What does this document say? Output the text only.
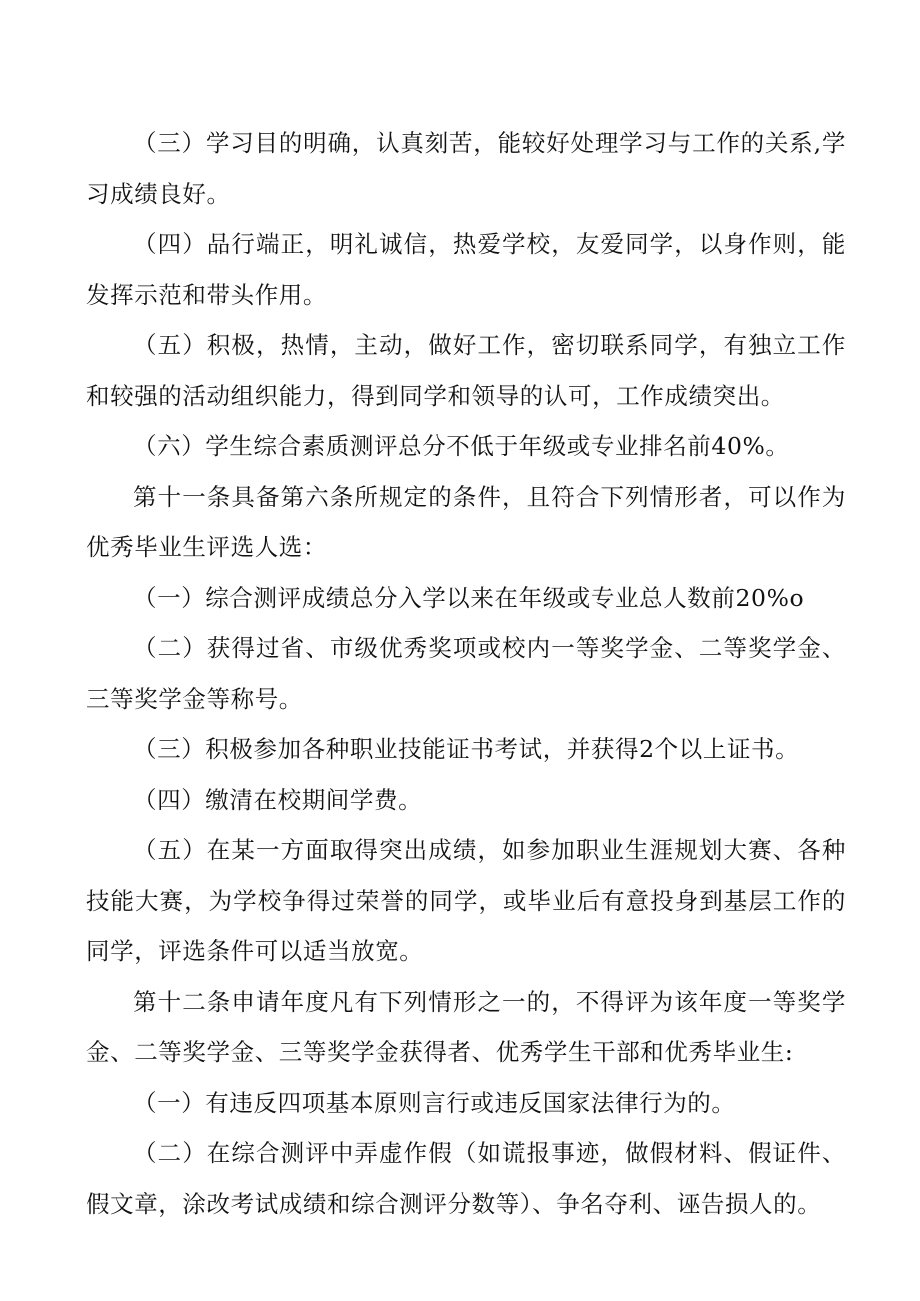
（三）学习目的明确，认真刻苦，能较好处理学习与工作的关系,学习成绩良好。

（四）品行端正，明礼诚信，热爱学校，友爱同学，以身作则，能发挥示范和带头作用。

（五）积极，热情，主动，做好工作，密切联系同学，有独立工作和较强的活动组织能力，得到同学和领导的认可，工作成绩突出。

（六）学生综合素质测评总分不低于年级或专业排名前40%。

第十一条具备第六条所规定的条件，且符合下列情形者，可以作为优秀毕业生评选人选：

（一）综合测评成绩总分入学以来在年级或专业总人数前20%o

（二）获得过省、市级优秀奖项或校内一等奖学金、二等奖学金、三等奖学金等称号。

（三）积极参加各种职业技能证书考试，并获得2个以上证书。

（四）缴清在校期间学费。

（五）在某一方面取得突出成绩，如参加职业生涯规划大赛、各种技能大赛，为学校争得过荣誉的同学，或毕业后有意投身到基层工作的同学，评选条件可以适当放宽。

第十二条申请年度凡有下列情形之一的，不得评为该年度一等奖学金、二等奖学金、三等奖学金获得者、优秀学生干部和优秀毕业生:

（一）有违反四项基本原则言行或违反国家法律行为的。

（二）在综合测评中弄虚作假（如谎报事迹，做假材料、假证件、假文章，涂改考试成绩和综合测评分数等）、争名夺利、诬告损人的。
